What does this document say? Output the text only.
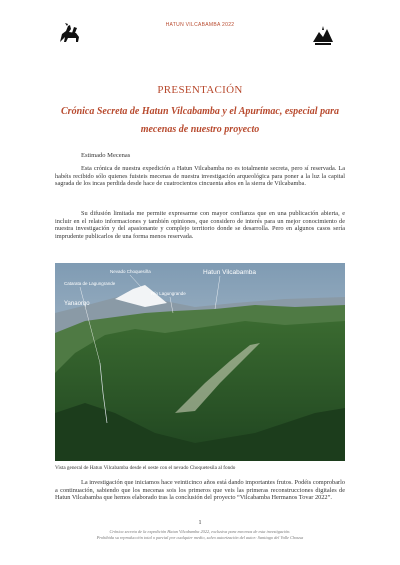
HATUN VILCABAMBA 2022
PRESENTACIÓN
Crónica Secreta de Hatun Vilcabamba y el Apurímac, especial para mecenas de nuestro proyecto
Estimado Mecenas

Esta crónica de nuestra expedición a Hatun Vilcabamba no es totalmente secreta, pero sí reservada. La habéis recibido sólo quienes fuisteis mecenas de nuestra investigación arqueológica para poner a la luz la capital sagrada de los incas perdida desde hace de cuatrocientos cincuenta años en la sierra de Vilcabamba.

Su difusión limitada me permite expresarme con mayor confianza que en una publicación abierta, e incluir en el relato informaciones y también opiniones, que considero de interés para un mejor conocimiento de nuestra investigación y del apasionante y complejo territorio donde se desarrolla. Pero en algunos casos sería imprudente publicarlos de una forma menos reservada.

Catarata de Lagungrande
Nevado Choquesiña	Hatun Vilcabamba
Río Lagungrande
Yanaorqo
Vista general de Hatun Vilcabamba desde el oeste con el nevado Choquetesila al fondo

La investigación que iniciamos hace veinticinco años está dando importantes frutos. Podéis comprobarlo a continuación, sabiendo que los mecenas sois los primeros que veis las primeras reconstrucciones digitales de Hatun Vilcabamba que hemos elaborado tras la conclusión del proyecto “Vilcabamba Hermanos Tovar 2022”.

1
Crónica secreta de la expedición Hatun Vilcabamba 2022, exclusiva para mecenas de esta investigación.
Prohibida su reproducción total o parcial por cualquier medio, salvo autorización del autor: Santiago del Valle Chousa
